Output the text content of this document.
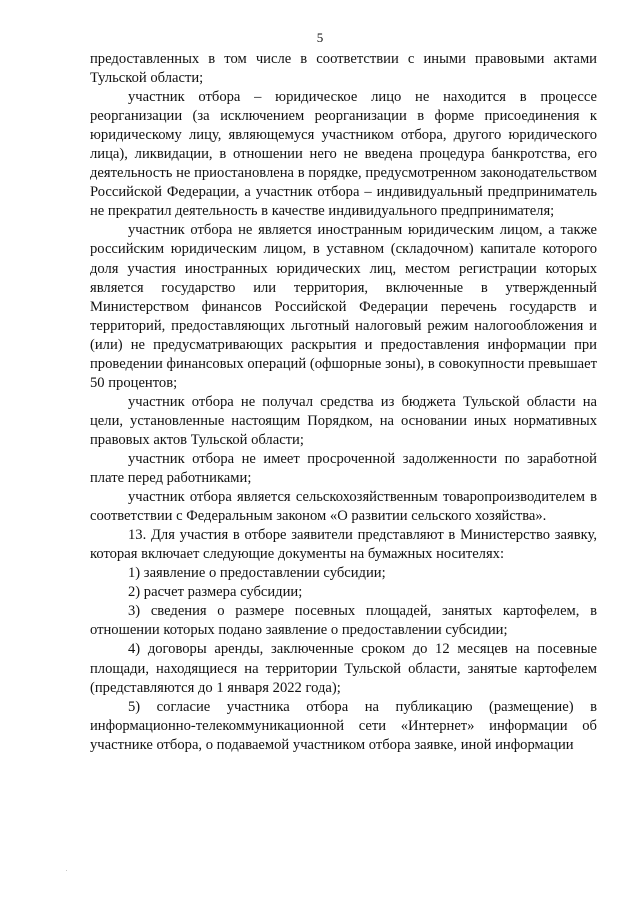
5

предоставленных в том числе в соответствии с иными правовыми актами Тульской области;

участник отбора – юридическое лицо не находится в процессе реорганизации (за исключением реорганизации в форме присоединения к юридическому лицу, являющемуся участником отбора, другого юридического лица), ликвидации, в отношении него не введена процедура банкротства, его деятельность не приостановлена в порядке, предусмотренном законодательством Российской Федерации, а участник отбора – индивидуальный предприниматель не прекратил деятельность в качестве индивидуального предпринимателя;

участник отбора не является иностранным юридическим лицом, а также российским юридическим лицом, в уставном (складочном) капитале которого доля участия иностранных юридических лиц, местом регистрации которых является государство или территория, включенные в утвержденный Министерством финансов Российской Федерации перечень государств и территорий, предоставляющих льготный налоговый режим налогообложения и (или) не предусматривающих раскрытия и предоставления информации при проведении финансовых операций (офшорные зоны), в совокупности превышает 50 процентов;

участник отбора не получал средства из бюджета Тульской области на цели, установленные настоящим Порядком, на основании иных нормативных правовых актов Тульской области;

участник отбора не имеет просроченной задолженности по заработной плате перед работниками;

участник отбора является сельскохозяйственным товаропроизводителем в соответствии с Федеральным законом «О развитии сельского хозяйства».

13. Для участия в отборе заявители представляют в Министерство заявку, которая включает следующие документы на бумажных носителях:

1) заявление о предоставлении субсидии;

2) расчет размера субсидии;

3) сведения о размере посевных площадей, занятых картофелем, в отношении которых подано заявление о предоставлении субсидии;

4) договоры аренды, заключенные сроком до 12 месяцев на посевные площади, находящиеся на территории Тульской области, занятые картофелем (представляются до 1 января 2022 года);

5) согласие участника отбора на публикацию (размещение) в информационно-телекоммуникационной сети «Интернет» информации об участнике отбора, о подаваемой участником отбора заявке, иной информации
